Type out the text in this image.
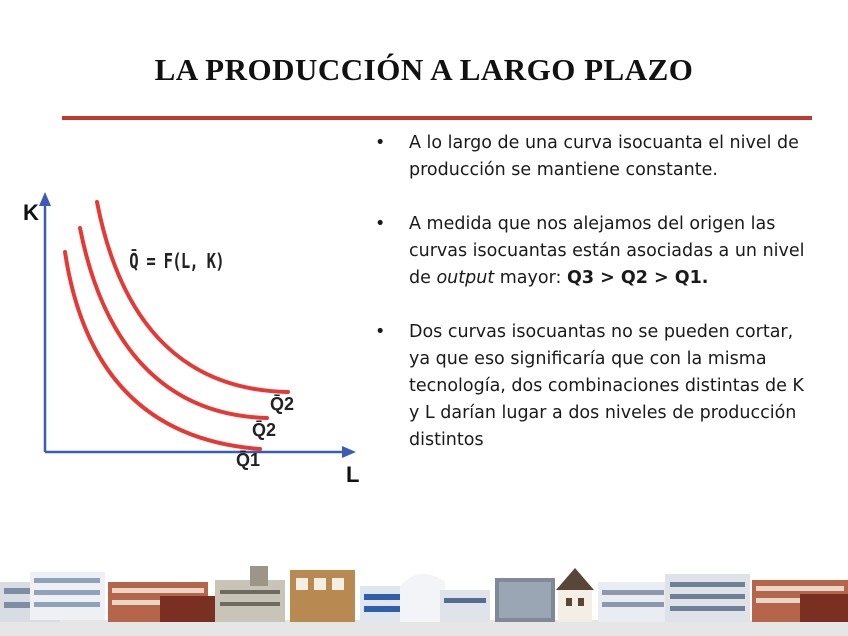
LA PRODUCCIÓN A LARGO PLAZO
K
L
Q̄ = F(L, K)
Q̄1
Q̄2
Q̄2
• A lo largo de una curva isocuanta el nivel de producción se mantiene constante.
• A medida que nos alejamos del origen las curvas isocuantas están asociadas a un nivel de output mayor: Q3 > Q2 > Q1.
• Dos curvas isocuantas no se pueden cortar, ya que eso significaría que con la misma tecnología, dos combinaciones distintas de K y L darían lugar a dos niveles de producción distintos
